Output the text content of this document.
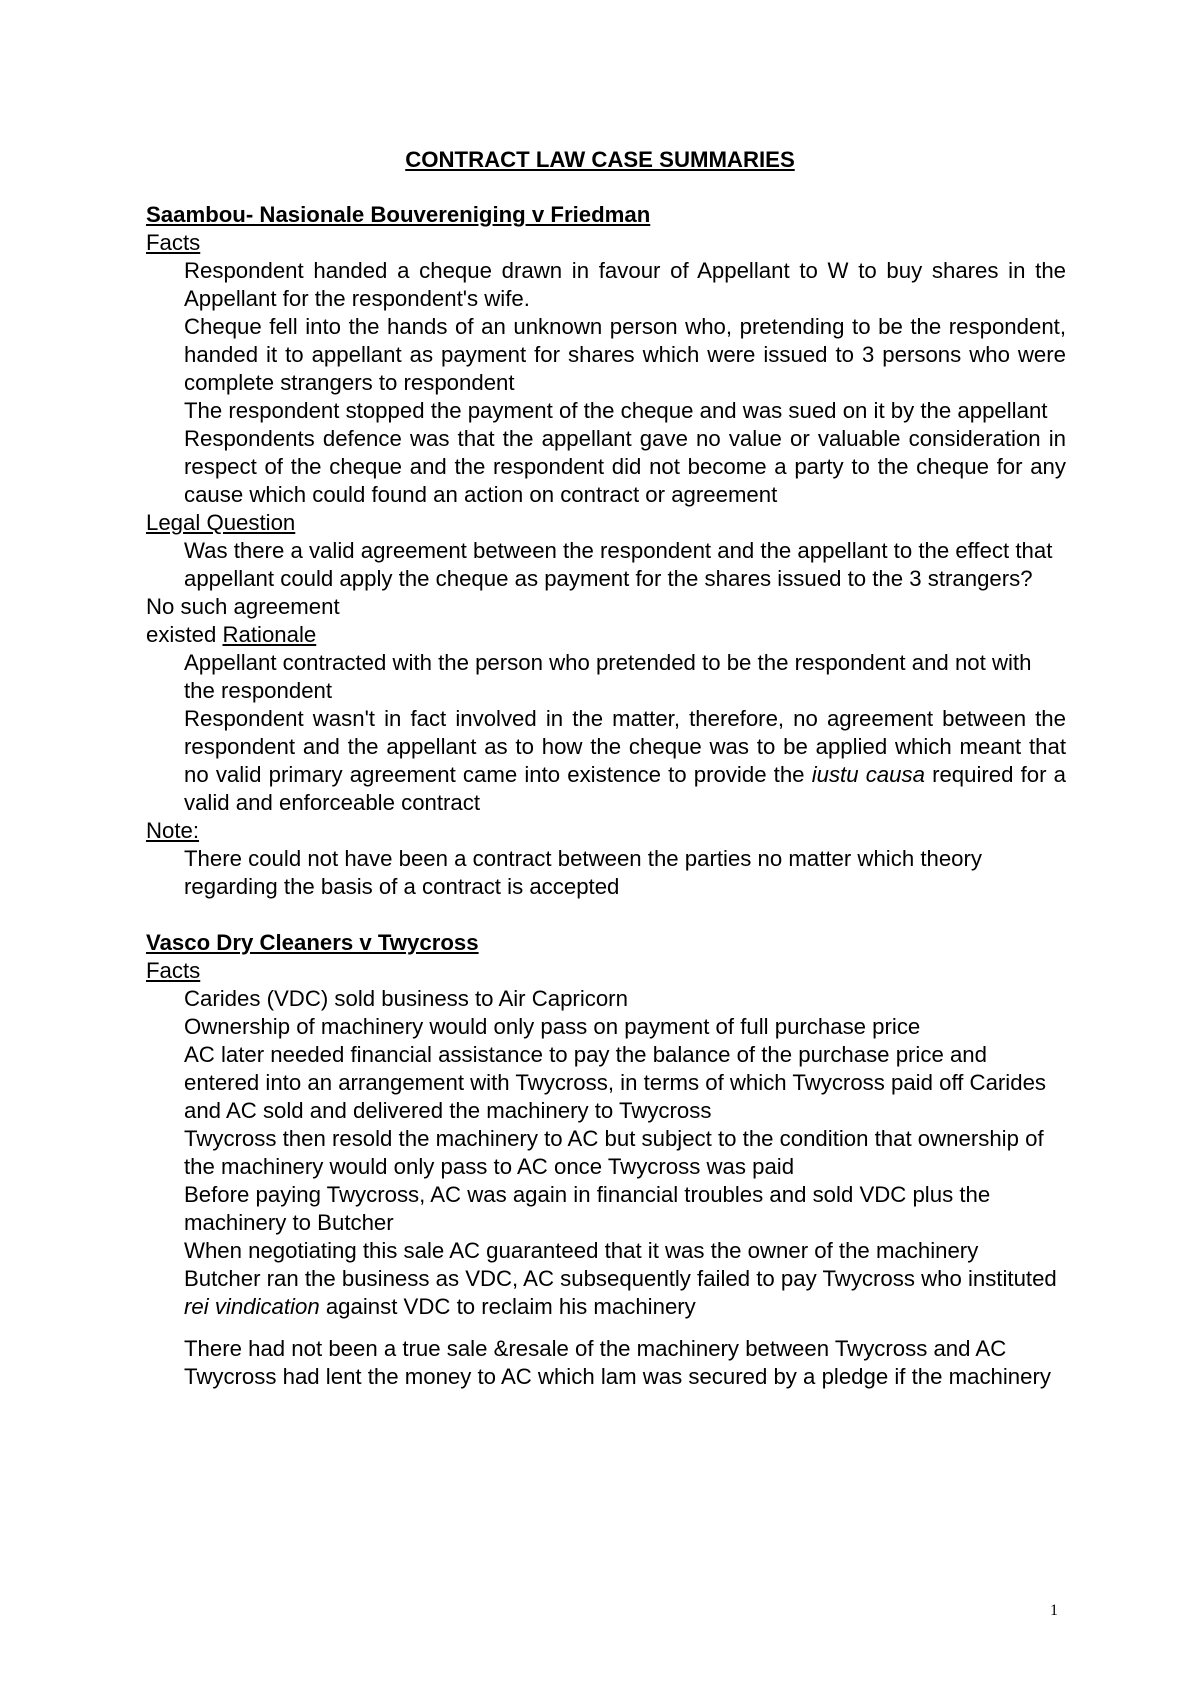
CONTRACT LAW CASE SUMMARIES

Saambou- Nasionale Bouvereniging v Friedman

Facts

Respondent handed a cheque drawn in favour of Appellant to W to buy shares in the Appellant for the respondent's wife.

Cheque fell into the hands of an unknown person who, pretending to be the respondent, handed it to appellant as payment for shares which were issued to 3 persons who were complete strangers to respondent

The respondent stopped the payment of the cheque and was sued on it by the appellant

Respondents defence was that the appellant gave no value or valuable consideration in respect of the cheque and the respondent did not become a party to the cheque for any cause which could found an action on contract or agreement

Legal Question

Was there a valid agreement between the respondent and the appellant to the effect that appellant could apply the cheque as payment for the shares issued to the 3 strangers?

No such agreement

existed Rationale

Appellant contracted with the person who pretended to be the respondent and not with the respondent

Respondent wasn't in fact involved in the matter, therefore, no agreement between the respondent and the appellant as to how the cheque was to be applied which meant that no valid primary agreement came into existence to provide the iustu causa required for a valid and enforceable contract

Note:

There could not have been a contract between the parties no matter which theory regarding the basis of a contract is accepted

Vasco Dry Cleaners v Twycross

Facts

Carides (VDC) sold business to Air Capricorn

Ownership of machinery would only pass on payment of full purchase price

AC later needed financial assistance to pay the balance of the purchase price and entered into an arrangement with Twycross, in terms of which Twycross paid off Carides and AC sold and delivered the machinery to Twycross

Twycross then resold the machinery to AC but subject to the condition that ownership of the machinery would only pass to AC once Twycross was paid

Before paying Twycross, AC was again in financial troubles and sold VDC plus the machinery to Butcher

When negotiating this sale AC guaranteed that it was the owner of the machinery

Butcher ran the business as VDC, AC subsequently failed to pay Twycross who instituted rei vindication against VDC to reclaim his machinery

There had not been a true sale &resale of the machinery between Twycross and AC

Twycross had lent the money to AC which lam was secured by a pledge if the machinery

1
